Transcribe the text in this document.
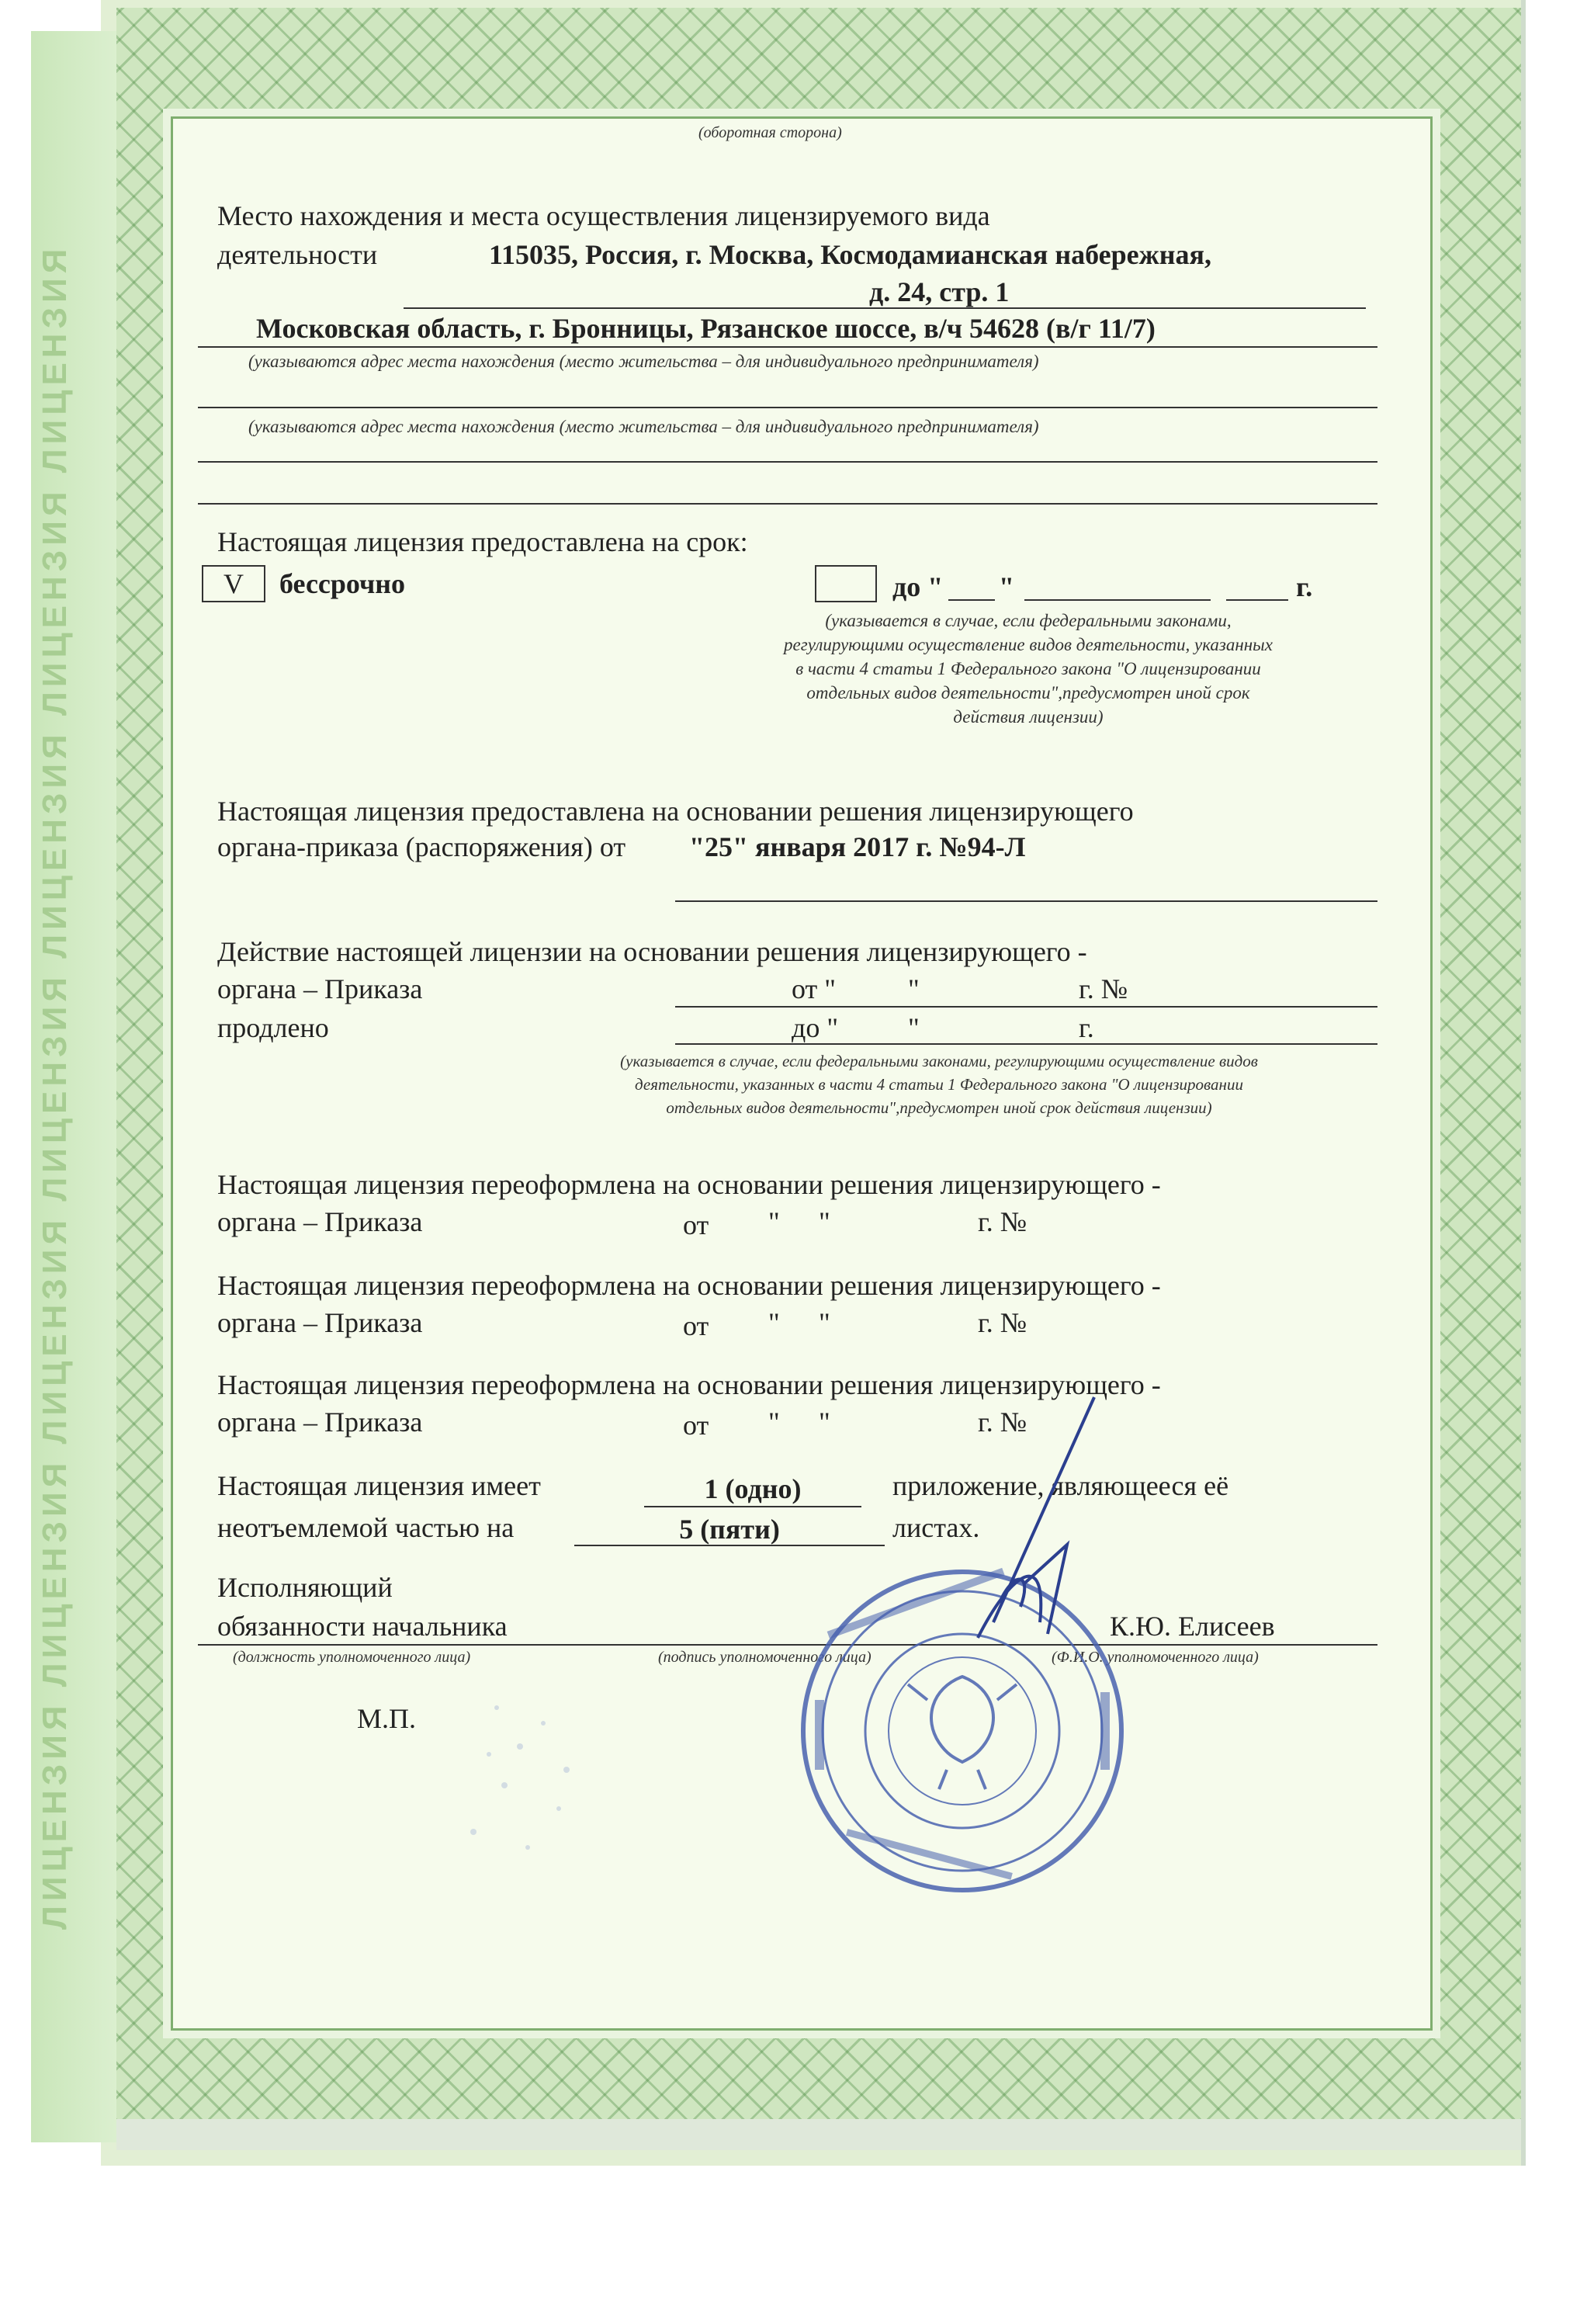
ЛИЦЕНЗИЯ ЛИЦЕНЗИЯ ЛИЦЕНЗИЯ ЛИЦЕНЗИЯ ЛИЦЕНЗИЯ ЛИЦЕНЗИЯ ЛИЦЕНЗИЯ
(оборотная сторона)
Место нахождения и места осуществления лицензируемого вида
деятельности	115035, Россия, г. Москва, Космодамианская набережная,
д. 24, стр. 1
Московская область, г. Бронницы, Рязанское шоссе, в/ч 54628 (в/г 11/7)
(указываются адрес места нахождения (место жительства – для индивидуального предпринимателя)
(указываются адрес места нахождения (место жительства – для индивидуального предпринимателя)
Настоящая лицензия предоставлена на срок:
V	бессрочно	до " "	г.
(указывается в случае, если федеральными законами,
регулирующими осуществление видов деятельности, указанных
в части 4 статьи 1 Федерального закона "О лицензировании
отдельных видов деятельности",предусмотрен иной срок
действия лицензии)
Настоящая лицензия предоставлена на основании решения лицензирующего
органа-приказа (распоряжения) от "25" января 2017 г. №94-Л
Действие настоящей лицензии на основании решения лицензирующего -
органа – Приказа	от "	"	г. №
продлено	до " "	г.
(указывается в случае, если федеральными законами, регулирующими осуществление видов
деятельности, указанных в части 4 статьи 1 Федерального закона "О лицензировании
отдельных видов деятельности",предусмотрен иной срок действия лицензии)
Настоящая лицензия переоформлена на основании решения лицензирующего -
органа – Приказа	от " "	г. №
Настоящая лицензия переоформлена на основании решения лицензирующего -
органа – Приказа	от " "	г. №
Настоящая лицензия переоформлена на основании решения лицензирующего -
органа – Приказа	от " "	г. №
Настоящая лицензия имеет	1 (одно)	приложение, являющееся её
неотъемлемой частью на	5 (пяти)	листах.
Исполняющий
обязанности начальника	К.Ю. Елисеев
(должность уполномоченного лица)	(подпись уполномоченного лица)	(Ф.И.О. уполномоченного лица)
М.П.
